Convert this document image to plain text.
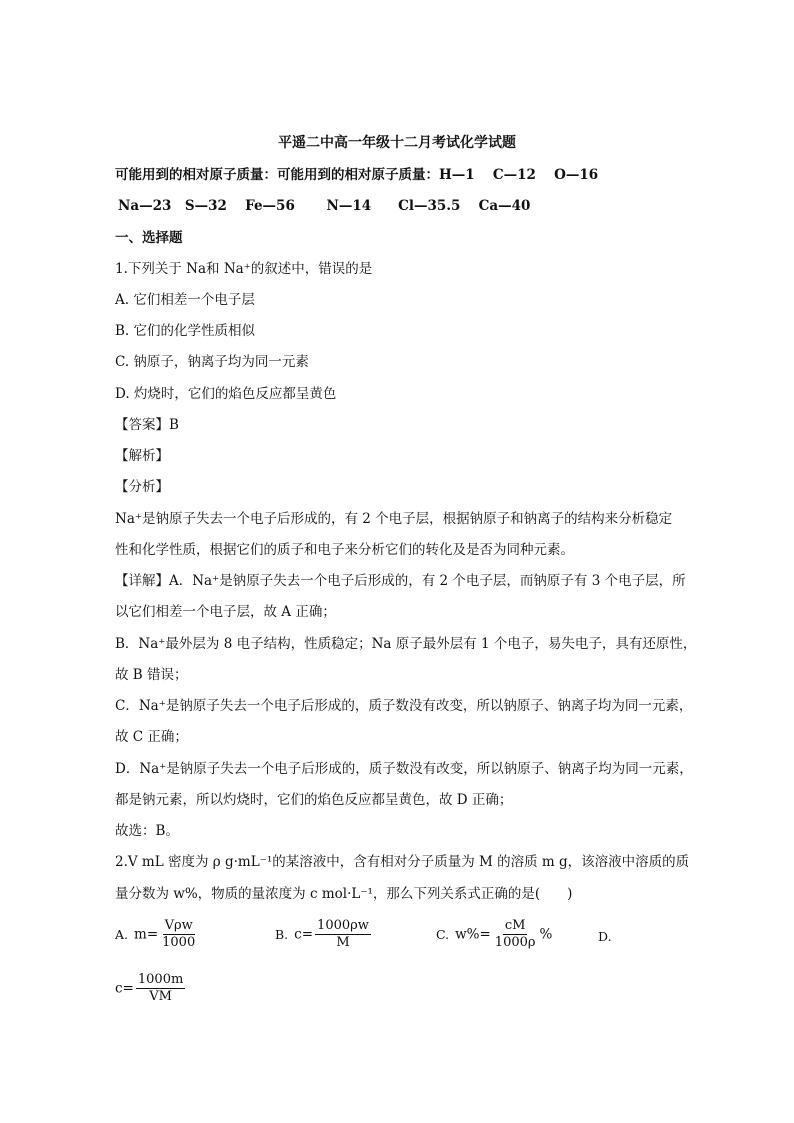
平遥二中高一年级十二月考试化学试题
可能用到的相对原子质量：可能用到的相对原子质量：H—1　 C—12　 O—16
Na—23　S—32　 Fe—56　　 N—14　　Cl—35.5　 Ca—40
一、选择题
1.下列关于 Na和 Na⁺的叙述中，错误的是
A. 它们相差一个电子层
B. 它们的化学性质相似
C. 钠原子，钠离子均为同一元素
D. 灼烧时，它们的焰色反应都呈黄色
【答案】B
【解析】
【分析】
Na⁺是钠原子失去一个电子后形成的，有 2 个电子层，根据钠原子和钠离子的结构来分析稳定
性和化学性质，根据它们的质子和电子来分析它们的转化及是否为同种元素。
【详解】A．Na⁺是钠原子失去一个电子后形成的，有 2 个电子层，而钠原子有 3 个电子层，所
以它们相差一个电子层，故 A 正确；
B．Na⁺最外层为 8 电子结构，性质稳定；Na 原子最外层有 1 个电子，易失电子，具有还原性，
故 B 错误；
C．Na⁺是钠原子失去一个电子后形成的，质子数没有改变，所以钠原子、钠离子均为同一元素，
故 C 正确；
D．Na⁺是钠原子失去一个电子后形成的，质子数没有改变，所以钠原子、钠离子均为同一元素，
都是钠元素，所以灼烧时，它们的焰色反应都呈黄色，故 D 正确；
故选：B。
2.V mL 密度为 ρ g·mL⁻¹的某溶液中，含有相对分子质量为 M 的溶质 m g，该溶液中溶质的质
量分数为 w%，物质的量浓度为 c mol·L⁻¹，那么下列关系式正确的是(　　)
A. $m= \frac{\text{Vρw}}{1000}$	B. $c= \frac{1000\rho w}{M}$	C. $w\%= \frac{cM}{1000\rho}$ %	D.
$c= \frac{1000m}{VM}$
